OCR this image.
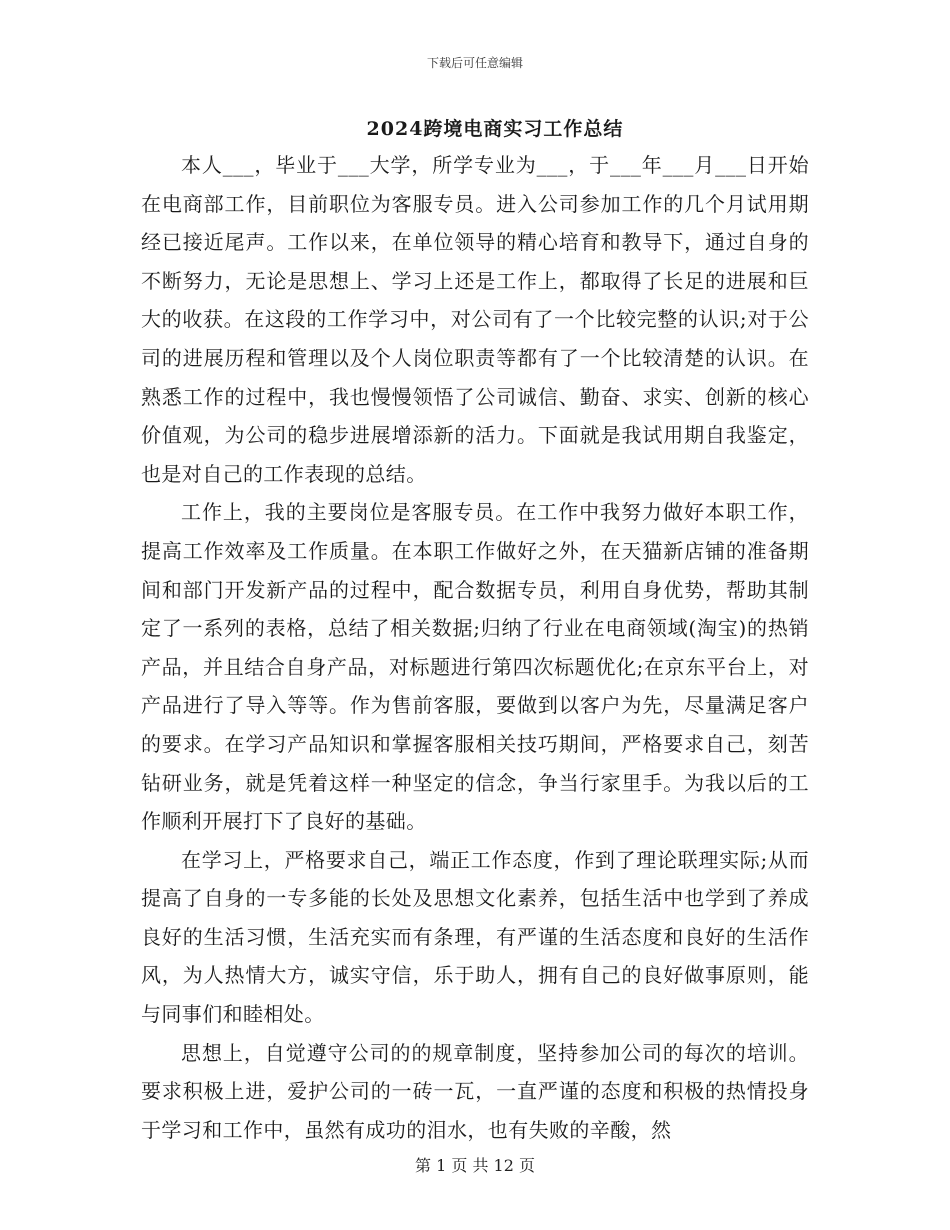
下载后可任意编辑
2024跨境电商实习工作总结

本人___，毕业于___大学，所学专业为___，于___年___月___日开始在电商部工作，目前职位为客服专员。进入公司参加工作的几个月试用期经已接近尾声。工作以来，在单位领导的精心培育和教导下，通过自身的不断努力，无论是思想上、学习上还是工作上，都取得了长足的进展和巨大的收获。在这段的工作学习中，对公司有了一个比较完整的认识;对于公司的进展历程和管理以及个人岗位职责等都有了一个比较清楚的认识。在熟悉工作的过程中，我也慢慢领悟了公司诚信、勤奋、求实、创新的核心价值观，为公司的稳步进展增添新的活力。下面就是我试用期自我鉴定，也是对自己的工作表现的总结。

工作上，我的主要岗位是客服专员。在工作中我努力做好本职工作，提高工作效率及工作质量。在本职工作做好之外，在天猫新店铺的准备期间和部门开发新产品的过程中，配合数据专员，利用自身优势，帮助其制定了一系列的表格，总结了相关数据;归纳了行业在电商领域(淘宝)的热销产品，并且结合自身产品，对标题进行第四次标题优化;在京东平台上，对产品进行了导入等等。作为售前客服，要做到以客户为先，尽量满足客户的要求。在学习产品知识和掌握客服相关技巧期间，严格要求自己，刻苦钻研业务，就是凭着这样一种坚定的信念，争当行家里手。为我以后的工作顺利开展打下了良好的基础。

在学习上，严格要求自己，端正工作态度，作到了理论联理实际;从而提高了自身的一专多能的长处及思想文化素养，包括生活中也学到了养成良好的生活习惯，生活充实而有条理，有严谨的生活态度和良好的生活作风，为人热情大方，诚实守信，乐于助人，拥有自己的良好做事原则，能与同事们和睦相处。

思想上，自觉遵守公司的的规章制度，坚持参加公司的每次的培训。要求积极上进，爱护公司的一砖一瓦，一直严谨的态度和积极的热情投身于学习和工作中，虽然有成功的泪水，也有失败的辛酸，然

第 1 页 共 12 页
